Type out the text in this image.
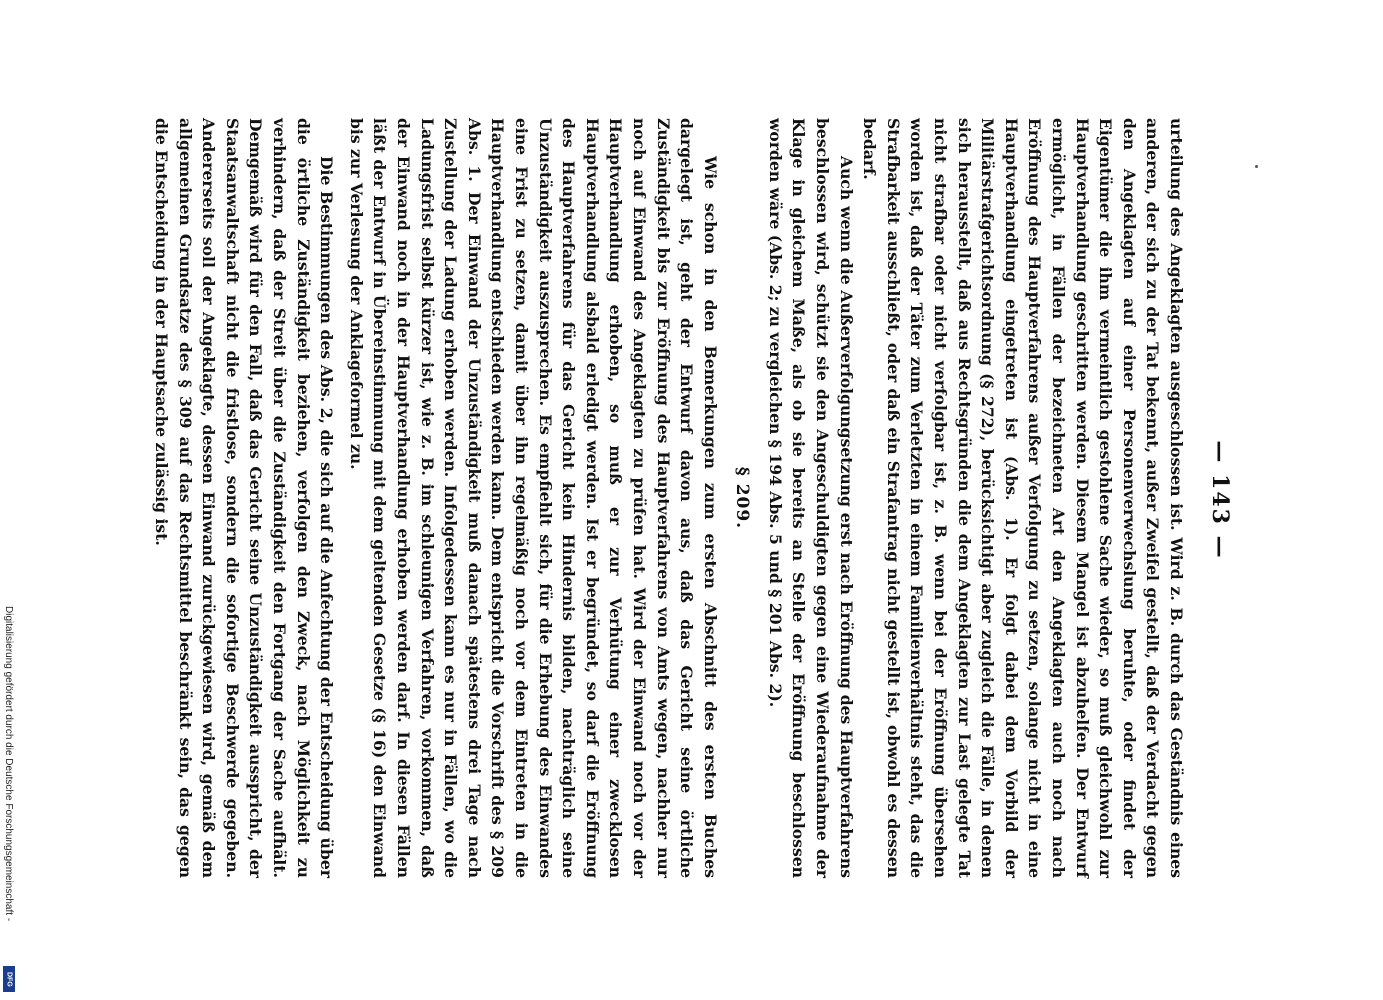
— 143 —

urteilung des Angeklagten ausgeschlossen ist. Wird z. B. durch das Geständnis eines anderen, der sich zu der Tat bekennt, außer Zweifel gestellt, daß der Verdacht gegen den Angeklagten auf einer Personenverwechslung beruhte, oder findet der Eigentümer die ihm vermeintlich gestohlene Sache wieder, so muß gleichwohl zur Hauptverhandlung geschritten werden. Diesem Mangel ist abzuhelfen. Der Entwurf ermöglicht, in Fällen der bezeichneten Art den Angeklagten auch noch nach Eröffnung des Hauptverfahrens außer Verfolgung zu setzen, solange nicht in eine Hauptverhandlung eingetreten ist (Abs. 1). Er folgt dabei dem Vorbild der Militärstrafgerichtsordnung (§ 272), berücksichtigt aber zugleich die Fälle, in denen sich herausstellt, daß aus Rechtsgründen die dem Angeklagten zur Last gelegte Tat nicht strafbar oder nicht verfolgbar ist, z. B. wenn bei der Eröffnung übersehen worden ist, daß der Täter zum Verletzten in einem Familienverhältnis steht, das die Strafbarkeit ausschließt, oder daß ein Strafantrag nicht gestellt ist, obwohl es dessen bedarf.

Auch wenn die Außerverfolgungsetzung erst nach Eröffnung des Hauptverfahrens beschlossen wird, schützt sie den Angeschuldigten gegen eine Wiederaufnahme der Klage in gleichem Maße, als ob sie bereits an Stelle der Eröffnung beschlossen worden wäre (Abs. 2; zu vergleichen § 194 Abs. 5 und § 201 Abs. 2).

§ 209.

Wie schon in den Bemerkungen zum ersten Abschnitt des ersten Buches dargelegt ist, geht der Entwurf davon aus, daß das Gericht seine örtliche Zuständigkeit bis zur Eröffnung des Hauptverfahrens von Amts wegen, nachher nur noch auf Einwand des Angeklagten zu prüfen hat. Wird der Einwand noch vor der Hauptverhandlung erhoben, so muß er zur Verhütung einer zwecklosen Hauptverhandlung alsbald erledigt werden. Ist er begründet, so darf die Eröffnung des Hauptverfahrens für das Gericht kein Hindernis bilden, nachträglich seine Unzuständigkeit auszusprechen. Es empfiehlt sich, für die Erhebung des Einwandes eine Frist zu setzen, damit über ihn regelmäßig noch vor dem Eintreten in die Hauptverhandlung entschieden werden kann. Dem entspricht die Vorschrift des § 209 Abs. 1. Der Einwand der Unzuständigkeit muß danach spätestens drei Tage nach Zustellung der Ladung erhoben werden. Infolgedessen kann es nur in Fällen, wo die Ladungsfrist selbst kürzer ist, wie z. B. im schleunigen Verfahren, vorkommen, daß der Einwand noch in der Hauptverhandlung erhoben werden darf. In diesen Fällen läßt der Entwurf in Übereinstimmung mit dem geltenden Gesetze (§ 16) den Einwand bis zur Verlesung der Anklageformel zu.

Die Bestimmungen des Abs. 2, die sich auf die Anfechtung der Entscheidung über die örtliche Zuständigkeit beziehen, verfolgen den Zweck, nach Möglichkeit zu verhindern, daß der Streit über die Zuständigkeit den Fortgang der Sache aufhält. Demgemäß wird für den Fall, daß das Gericht seine Unzuständigkeit ausspricht, der Staatsanwaltschaft nicht die fristlose, sondern die sofortige Beschwerde gegeben. Andererseits soll der Angeklagte, dessen Einwand zurückgewiesen wird, gemäß dem allgemeinen Grundsatze des § 309 auf das Rechtsmittel beschränkt sein, das gegen die Entscheidung in der Hauptsache zulässig ist.

Digitalisierung gefördert durch die Deutsche Forschungsgemeinschaft -
DFG
